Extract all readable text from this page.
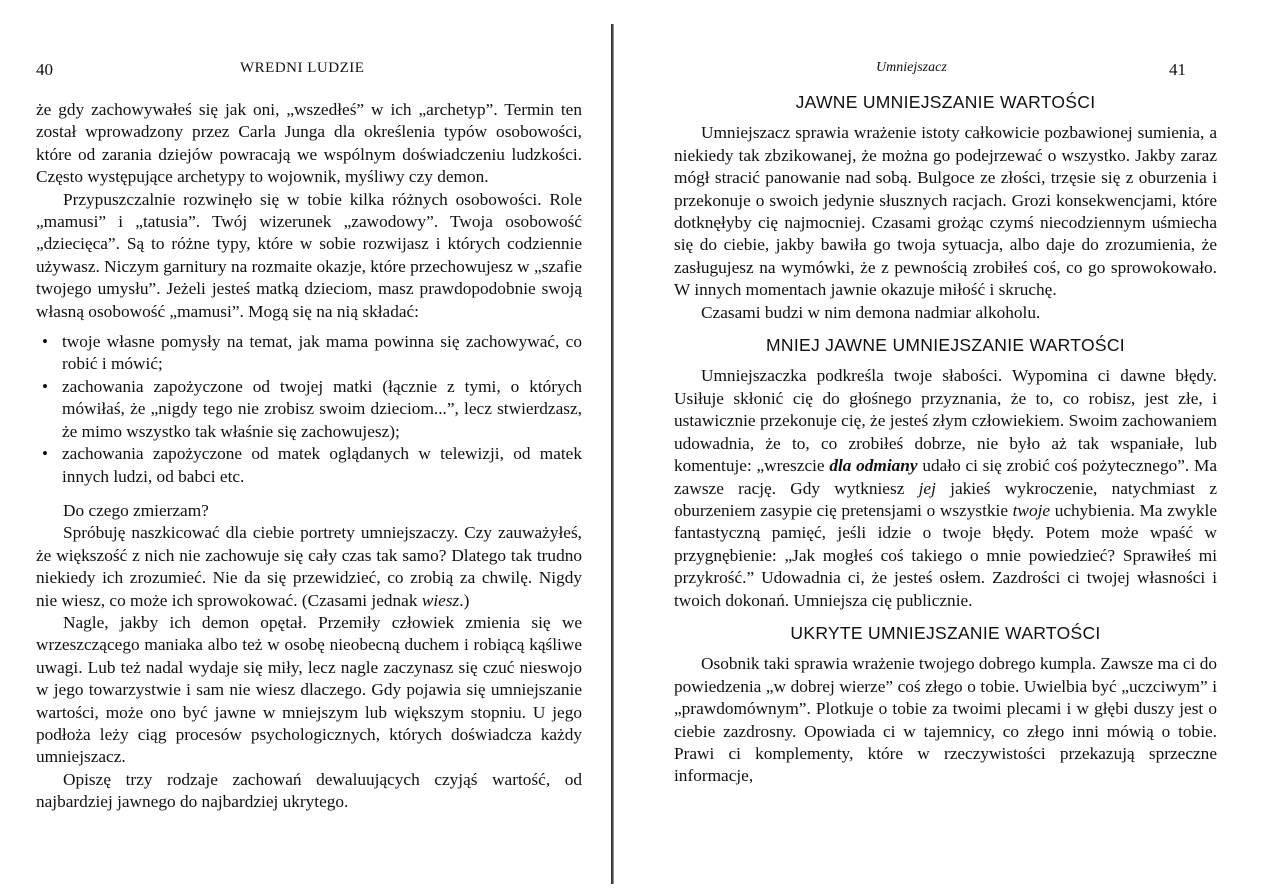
40	WREDNI LUDZIE

że gdy zachowywałeś się jak oni, „wszedłeś” w ich „archetyp”. Termin ten został wprowadzony przez Carla Junga dla określenia typów osobowości, które od zarania dziejów powracają we wspólnym doświadczeniu ludzkości. Często występujące archetypy to wojownik, myśliwy czy demon.

Przypuszczalnie rozwinęło się w tobie kilka różnych osobowości. Role „mamusi” i „tatusia”. Twój wizerunek „zawodowy”. Twoja osobowość „dziecięca”. Są to różne typy, które w sobie rozwijasz i których codziennie używasz. Niczym garnitury na rozmaite okazje, które przechowujesz w „szafie twojego umysłu”. Jeżeli jesteś matką dzieciom, masz prawdopodobnie swoją własną osobowość „mamusi”. Mogą się na nią składać:

• twoje własne pomysły na temat, jak mama powinna się zachowywać, co robić i mówić;
• zachowania zapożyczone od twojej matki (łącznie z tymi, o których mówiłaś, że „nigdy tego nie zrobisz swoim dzieciom...”, lecz stwierdzasz, że mimo wszystko tak właśnie się zachowujesz);
• zachowania zapożyczone od matek oglądanych w telewizji, od matek innych ludzi, od babci etc.

Do czego zmierzam?

Spróbuję naszkicować dla ciebie portrety umniejszaczy. Czy zauważyłeś, że większość z nich nie zachowuje się cały czas tak samo? Dlatego tak trudno niekiedy ich zrozumieć. Nie da się przewidzieć, co zrobią za chwilę. Nigdy nie wiesz, co może ich sprowokować. (Czasami jednak wiesz.)

Nagle, jakby ich demon opętał. Przemiły człowiek zmienia się we wrzeszczącego maniaka albo też w osobę nieobecną duchem i robiącą kąśliwe uwagi. Lub też nadal wydaje się miły, lecz nagle zaczynasz się czuć nieswojo w jego towarzystwie i sam nie wiesz dlaczego. Gdy pojawia się umniejszanie wartości, może ono być jawne w mniejszym lub większym stopniu. U jego podłoża leży ciąg procesów psychologicznych, których doświadcza każdy umniejszacz.

Opiszę trzy rodzaje zachowań dewaluujących czyjąś wartość, od najbardziej jawnego do najbardziej ukrytego.

Umniejszacz	41
JAWNE UMNIEJSZANIE WARTOŚCI

Umniejszacz sprawia wrażenie istoty całkowicie pozbawionej sumienia, a niekiedy tak zbzikowanej, że można go podejrzewać o wszystko. Jakby zaraz mógł stracić panowanie nad sobą. Bulgoce ze złości, trzęsie się z oburzenia i przekonuje o swoich jedynie słusznych racjach. Grozi konsekwencjami, które dotknęłyby cię najmocniej. Czasami grożąc czymś niecodziennym uśmiecha się do ciebie, jakby bawiła go twoja sytuacja, albo daje do zrozumienia, że zasługujesz na wymówki, że z pewnością zrobiłeś coś, co go sprowokowało. W innych momentach jawnie okazuje miłość i skruchę.

Czasami budzi w nim demona nadmiar alkoholu.

MNIEJ JAWNE UMNIEJSZANIE WARTOŚCI

Umniejszaczka podkreśla twoje słabości. Wypomina ci dawne błędy. Usiłuje skłonić cię do głośnego przyznania, że to, co robisz, jest złe, i ustawicznie przekonuje cię, że jesteś złym człowiekiem. Swoim zachowaniem udowadnia, że to, co zrobiłeś dobrze, nie było aż tak wspaniałe, lub komentuje: „wreszcie dla odmiany udało ci się zrobić coś pożytecznego”. Ma zawsze rację. Gdy wytkniesz jej jakieś wykroczenie, natychmiast z oburzeniem zasypie cię pretensjami o wszystkie twoje uchybienia. Ma zwykle fantastyczną pamięć, jeśli idzie o twoje błędy. Potem może wpaść w przygnębienie: „Jak mogłeś coś takiego o mnie powiedzieć? Sprawiłeś mi przykrość.” Udowadnia ci, że jesteś osłem. Zazdrości ci twojej własności i twoich dokonań. Umniejsza cię publicznie.

UKRYTE UMNIEJSZANIE WARTOŚCI

Osobnik taki sprawia wrażenie twojego dobrego kumpla. Zawsze ma ci do powiedzenia „w dobrej wierze” coś złego o tobie. Uwielbia być „uczciwym” i „prawdomównym”. Plotkuje o tobie za twoimi plecami i w głębi duszy jest o ciebie zazdrosny. Opowiada ci w tajemnicy, co złego inni mówią o tobie. Prawi ci komplementy, które w rzeczywistości przekazują sprzeczne informacje,
